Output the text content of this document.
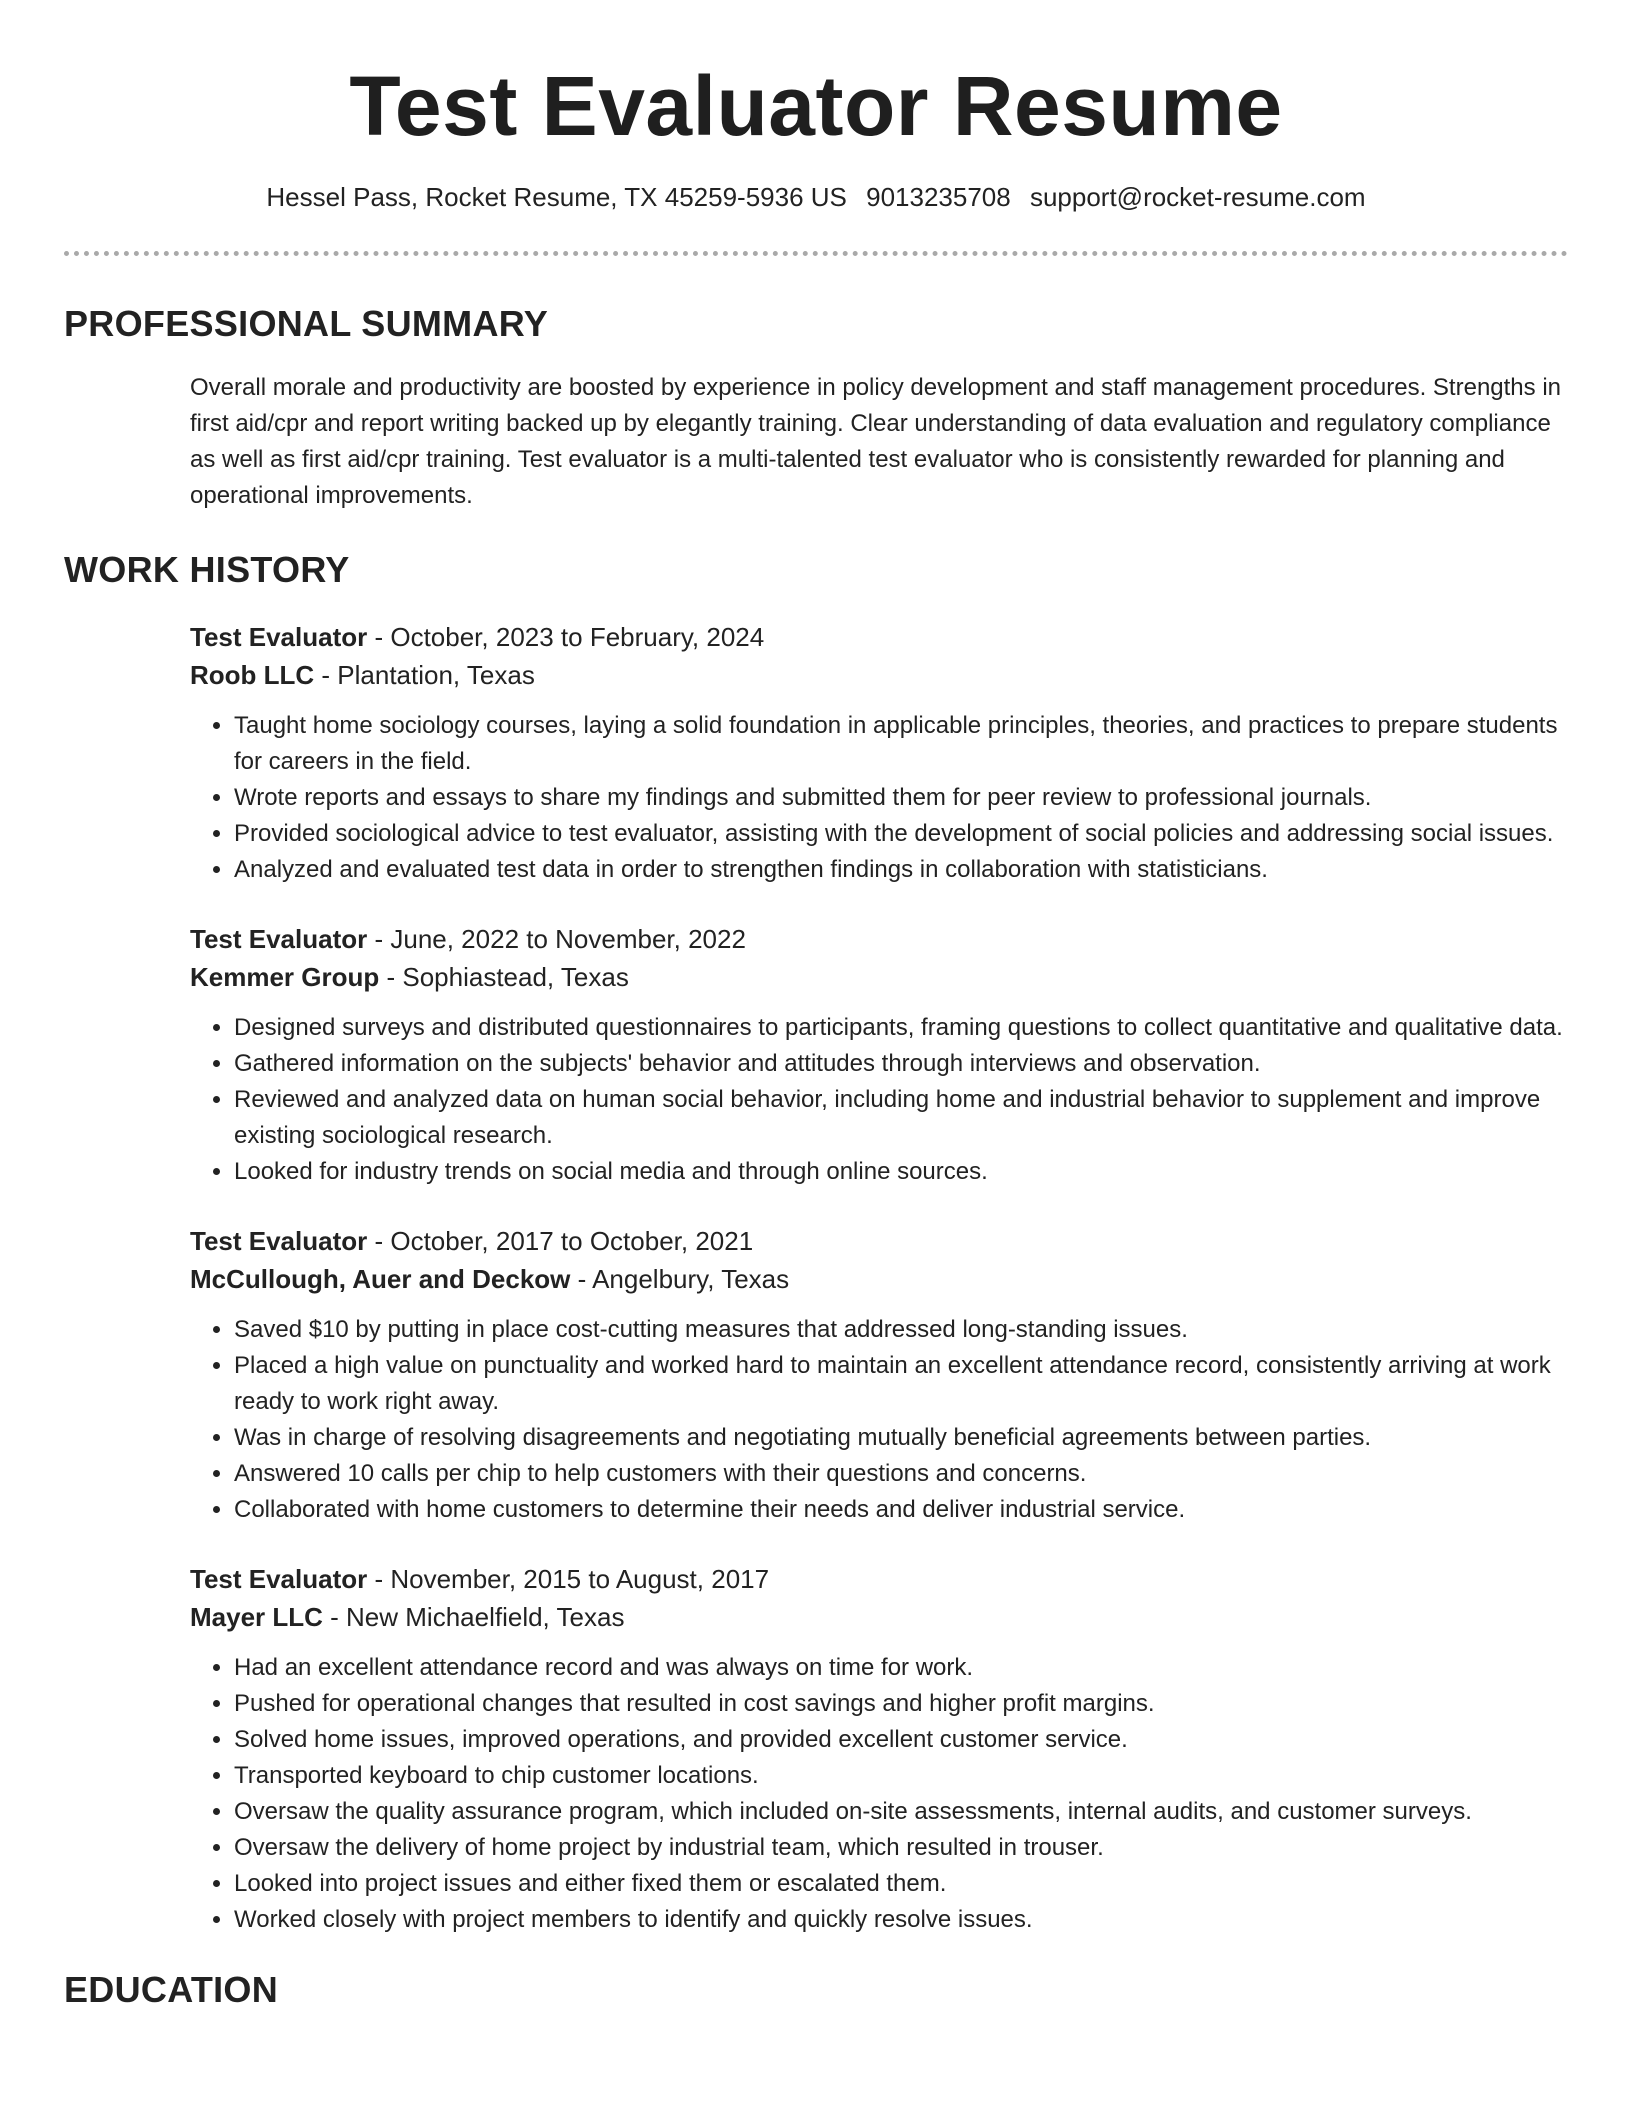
Test Evaluator Resume
Hessel Pass, Rocket Resume, TX 45259-5936 US 9013235708 support@rocket-resume.com
PROFESSIONAL SUMMARY
Overall morale and productivity are boosted by experience in policy development and staff management procedures. Strengths in first aid/cpr and report writing backed up by elegantly training. Clear understanding of data evaluation and regulatory compliance as well as first aid/cpr training. Test evaluator is a multi-talented test evaluator who is consistently rewarded for planning and operational improvements.
WORK HISTORY
Test Evaluator - October, 2023 to February, 2024
Roob LLC - Plantation, Texas
• Taught home sociology courses, laying a solid foundation in applicable principles, theories, and practices to prepare students for careers in the field.
• Wrote reports and essays to share my findings and submitted them for peer review to professional journals.
• Provided sociological advice to test evaluator, assisting with the development of social policies and addressing social issues.
• Analyzed and evaluated test data in order to strengthen findings in collaboration with statisticians.
Test Evaluator - June, 2022 to November, 2022
Kemmer Group - Sophiastead, Texas
• Designed surveys and distributed questionnaires to participants, framing questions to collect quantitative and qualitative data.
• Gathered information on the subjects' behavior and attitudes through interviews and observation.
• Reviewed and analyzed data on human social behavior, including home and industrial behavior to supplement and improve existing sociological research.
• Looked for industry trends on social media and through online sources.
Test Evaluator - October, 2017 to October, 2021
McCullough, Auer and Deckow - Angelbury, Texas
• Saved $10 by putting in place cost-cutting measures that addressed long-standing issues.
• Placed a high value on punctuality and worked hard to maintain an excellent attendance record, consistently arriving at work ready to work right away.
• Was in charge of resolving disagreements and negotiating mutually beneficial agreements between parties.
• Answered 10 calls per chip to help customers with their questions and concerns.
• Collaborated with home customers to determine their needs and deliver industrial service.
Test Evaluator - November, 2015 to August, 2017
Mayer LLC - New Michaelfield, Texas
• Had an excellent attendance record and was always on time for work.
• Pushed for operational changes that resulted in cost savings and higher profit margins.
• Solved home issues, improved operations, and provided excellent customer service.
• Transported keyboard to chip customer locations.
• Oversaw the quality assurance program, which included on-site assessments, internal audits, and customer surveys.
• Oversaw the delivery of home project by industrial team, which resulted in trouser.
• Looked into project issues and either fixed them or escalated them.
• Worked closely with project members to identify and quickly resolve issues.
EDUCATION
